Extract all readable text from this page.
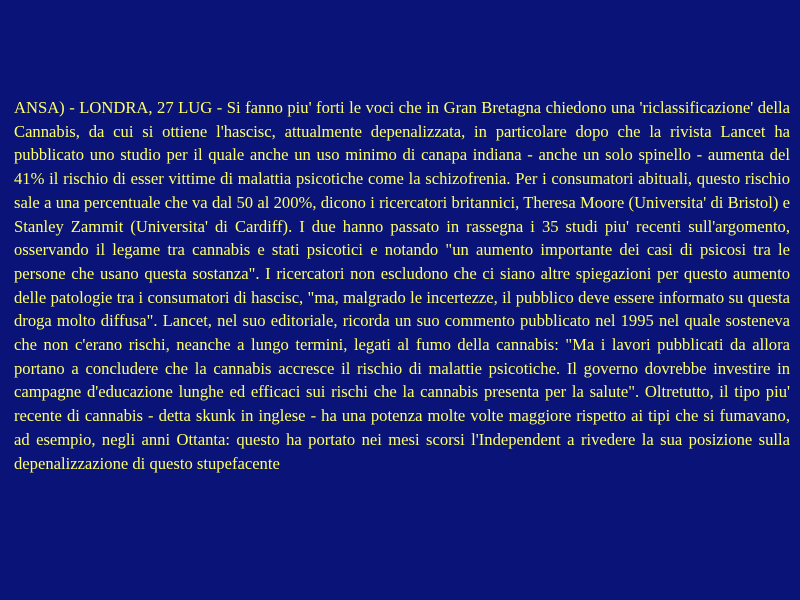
ANSA) - LONDRA, 27 LUG - Si fanno piu' forti le voci che in Gran Bretagna chiedono una 'riclassificazione' della Cannabis, da cui si ottiene l'hascisc, attualmente depenalizzata, in particolare dopo che la rivista Lancet ha pubblicato uno studio per il quale anche un uso minimo di canapa indiana - anche un solo spinello - aumenta del 41% il rischio di esser vittime di malattia psicotiche come la schizofrenia. Per i consumatori abituali, questo rischio sale a una percentuale che va dal 50 al 200%, dicono i ricercatori britannici, Theresa Moore (Universita' di Bristol) e Stanley Zammit (Universita' di Cardiff). I due hanno passato in rassegna i 35 studi piu' recenti sull'argomento, osservando il legame tra cannabis e stati psicotici e notando "un aumento importante dei casi di psicosi tra le persone che usano questa sostanza". I ricercatori non escludono che ci siano altre spiegazioni per questo aumento delle patologie tra i consumatori di hascisc, "ma, malgrado le incertezze, il pubblico deve essere informato su questa droga molto diffusa". Lancet, nel suo editoriale, ricorda un suo commento pubblicato nel 1995 nel quale sosteneva che non c'erano rischi, neanche a lungo termini, legati al fumo della cannabis: "Ma i lavori pubblicati da allora portano a concludere che la cannabis accresce il rischio di malattie psicotiche. Il governo dovrebbe investire in campagne d'educazione lunghe ed efficaci sui rischi che la cannabis presenta per la salute". Oltretutto, il tipo piu' recente di cannabis - detta skunk in inglese - ha una potenza molte volte maggiore rispetto ai tipi che si fumavano, ad esempio, negli anni Ottanta: questo ha portato nei mesi scorsi l'Independent a rivedere la sua posizione sulla depenalizzazione di questo stupefacente
